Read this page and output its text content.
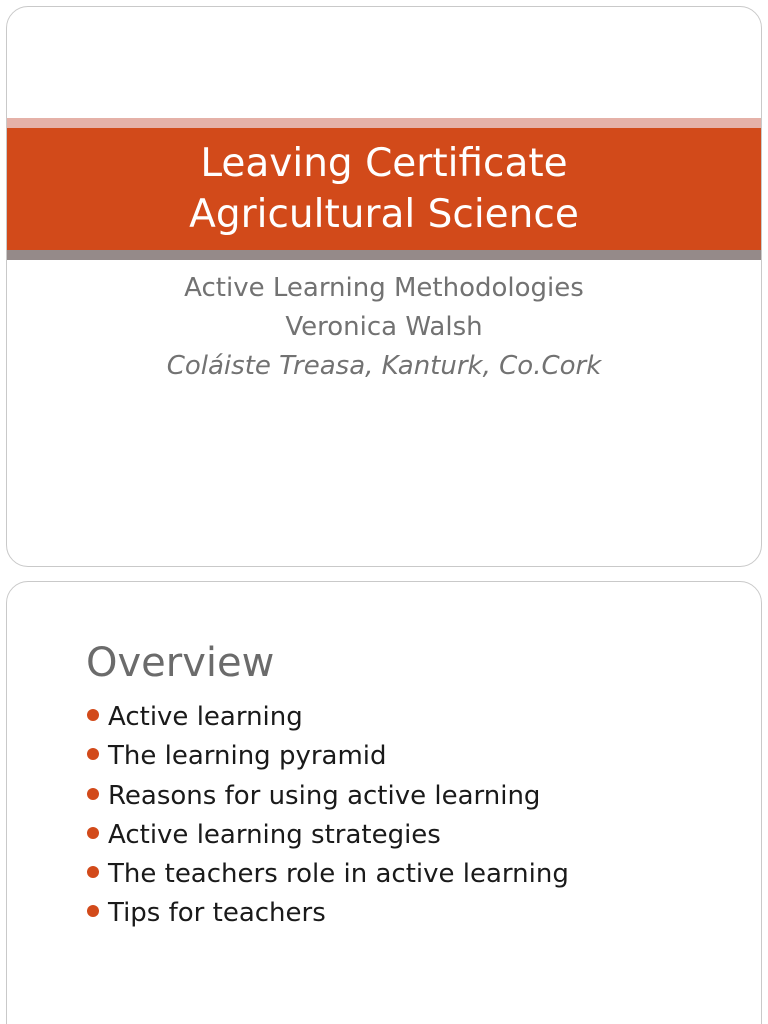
Leaving Certificate
Agricultural Science
Active Learning Methodologies
Veronica Walsh
Coláiste Treasa, Kanturk, Co.Cork
Overview
Active learning
The learning pyramid
Reasons for using active learning
Active learning strategies
The teachers role in active learning
Tips for teachers
